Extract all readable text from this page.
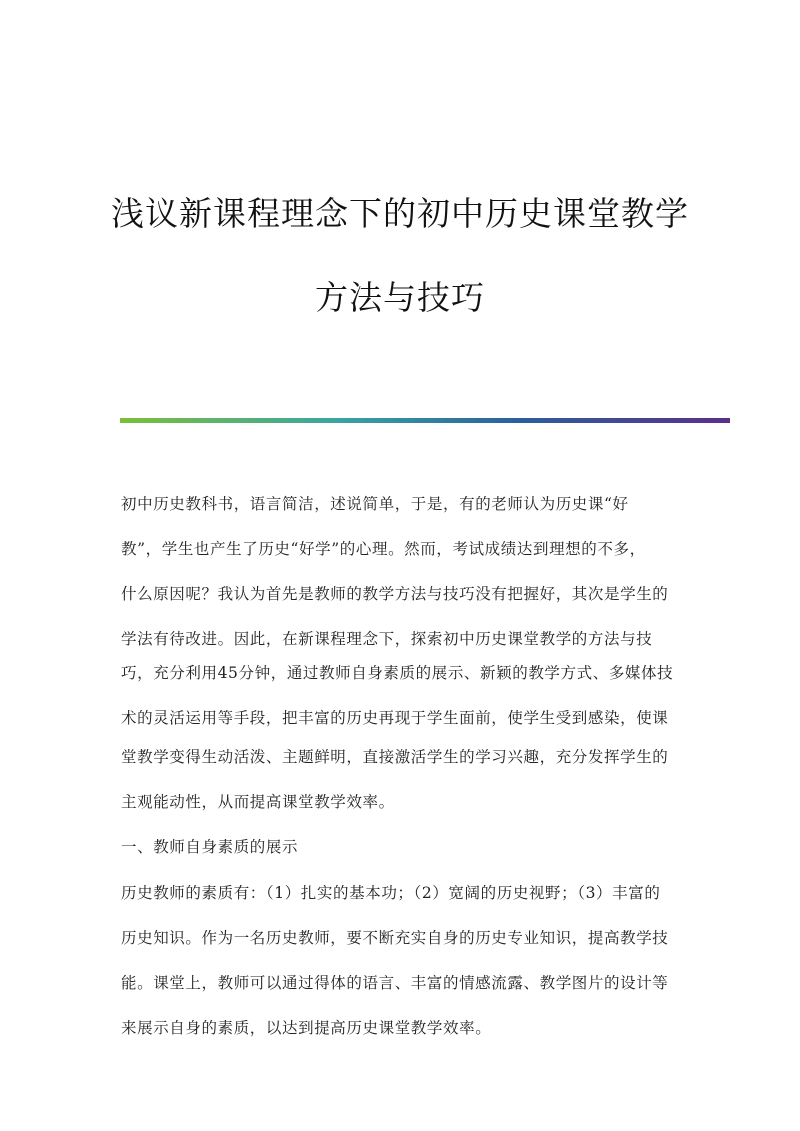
浅议新课程理念下的初中历史课堂教学
方法与技巧
初中历史教科书，语言简洁，述说简单，于是，有的老师认为历史课“好
教”，学生也产生了历史“好学”的心理。然而，考试成绩达到理想的不多，
什么原因呢？我认为首先是教师的教学方法与技巧没有把握好，其次是学生的
学法有待改进。因此，在新课程理念下，探索初中历史课堂教学的方法与技
巧，充分利用45分钟，通过教师自身素质的展示、新颖的教学方式、多媒体技
术的灵活运用等手段，把丰富的历史再现于学生面前，使学生受到感染，使课
堂教学变得生动活泼、主题鲜明，直接激活学生的学习兴趣，充分发挥学生的
主观能动性，从而提高课堂教学效率。
一、教师自身素质的展示
历史教师的素质有：（1）扎实的基本功；（2）宽阔的历史视野；（3）丰富的
历史知识。作为一名历史教师，要不断充实自身的历史专业知识，提高教学技
能。课堂上，教师可以通过得体的语言、丰富的情感流露、教学图片的设计等
来展示自身的素质，以达到提高历史课堂教学效率。
